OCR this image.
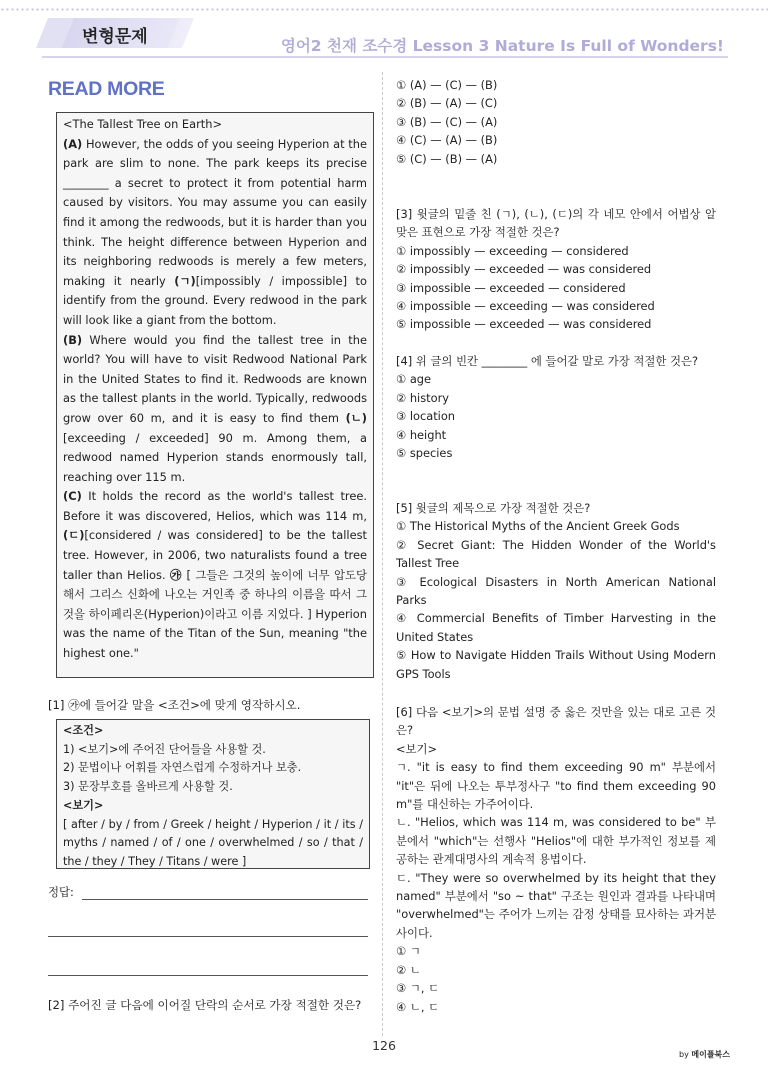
변형문제	영어2 천재 조수경 Lesson 3 Nature Is Full of Wonders!
READ MORE

<The Tallest Tree on Earth>

(A) However, the odds of you seeing Hyperion at the park are slim to none. The park keeps its precise ________ a secret to protect it from potential harm caused by visitors. You may assume you can easily find it among the redwoods, but it is harder than you think. The height difference between Hyperion and its neighboring redwoods is merely a few meters, making it nearly (ㄱ)[impossibly / impossible] to identify from the ground. Every redwood in the park will look like a giant from the bottom.

(B) Where would you find the tallest tree in the world? You will have to visit Redwood National Park in the United States to find it. Redwoods are known as the tallest plants in the world. Typically, redwoods grow over 60 m, and it is easy to find them (ㄴ)[exceeding / exceeded] 90 m. Among them, a redwood named Hyperion stands enormously tall, reaching over 115 m.

(C) It holds the record as the world's tallest tree. Before it was discovered, Helios, which was 114 m, (ㄷ)[considered / was considered] to be the tallest tree. However, in 2006, two naturalists found a tree taller than Helios. ㉮ [ 그들은 그것의 높이에 너무 압도당해서 그리스 신화에 나오는 거인족 중 하나의 이름을 따서 그것을 하이페리온(Hyperion)이라고 이름 지었다. ] Hyperion was the name of the Titan of the Sun, meaning "the highest one."

[1] ㉮에 들어갈 말을 <조건>에 맞게 영작하시오.
<조건>
1) <보기>에 주어진 단어들을 사용할 것.
2) 문법이나 어휘를 자연스럽게 수정하거나 보충.
3) 문장부호를 올바르게 사용할 것.
<보기>
[ after / by / from / Greek / height / Hyperion / it / its / myths / named / of / one / overwhelmed / so / that / the / they / They / Titans / were ]
정답:
[2] 주어진 글 다음에 이어질 단락의 순서로 가장 적절한 것은?
① (A) — (C) — (B)
② (B) — (A) — (C)
③ (B) — (C) — (A)
④ (C) — (A) — (B)
⑤ (C) — (B) — (A)
[3] 윗글의 밑줄 친 (ㄱ), (ㄴ), (ㄷ)의 각 네모 안에서 어법상 알맞은 표현으로 가장 적절한 것은?
① impossibly — exceeding — considered
② impossibly — exceeded — was considered
③ impossible — exceeded — considered
④ impossible — exceeding — was considered
⑤ impossible — exceeded — was considered
[4] 위 글의 빈칸 ________ 에 들어갈 말로 가장 적절한 것은?
① age
② history
③ location
④ height
⑤ species
[5] 윗글의 제목으로 가장 적절한 것은?
① The Historical Myths of the Ancient Greek Gods
② Secret Giant: The Hidden Wonder of the World's Tallest Tree
③ Ecological Disasters in North American National Parks
④ Commercial Benefits of Timber Harvesting in the United States
⑤ How to Navigate Hidden Trails Without Using Modern GPS Tools
[6] 다음 <보기>의 문법 설명 중 옳은 것만을 있는 대로 고른 것은?
<보기>
ㄱ. "it is easy to find them exceeding 90 m" 부분에서 "it"은 뒤에 나오는 투부정사구 "to find them exceeding 90 m"를 대신하는 가주어이다.
ㄴ. "Helios, which was 114 m, was considered to be" 부분에서 "which"는 선행사 "Helios"에 대한 부가적인 정보를 제공하는 관계대명사의 계속적 용법이다.
ㄷ. "They were so overwhelmed by its height that they named" 부분에서 "so ~ that" 구조는 원인과 결과를 나타내며 "overwhelmed"는 주어가 느끼는 감정 상태를 묘사하는 과거분사이다.
① ㄱ
② ㄴ
③ ㄱ, ㄷ
④ ㄴ, ㄷ
126
by 메이플북스
